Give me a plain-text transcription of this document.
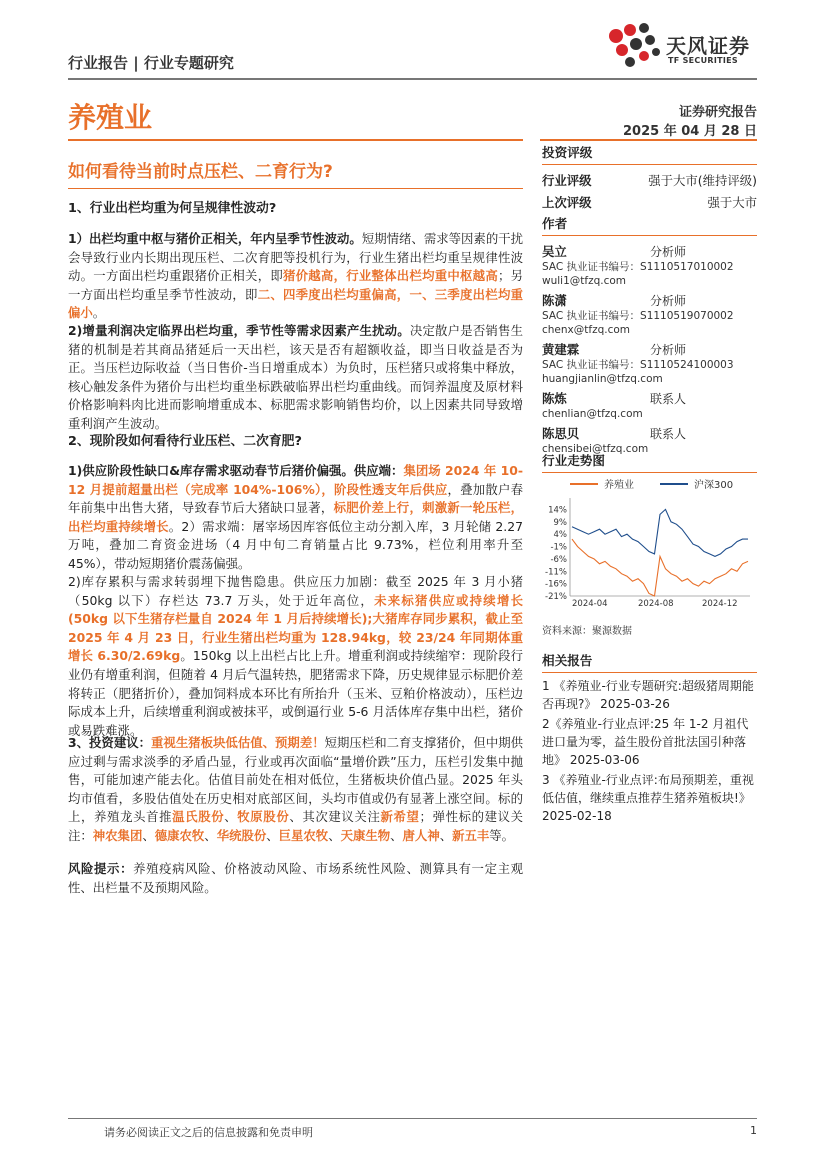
行业报告 | 行业专题研究
天风证券
TF SECURITIES
养殖业	证券研究报告
2025 年 04 月 28 日
如何看待当前时点压栏、二育行为?
1、行业出栏均重为何呈规律性波动?

1）出栏均重中枢与猪价正相关，年内呈季节性波动。短期情绪、需求等因素的干扰会导致行业内长期出现压栏、二次育肥等投机行为，行业生猪出栏均重呈规律性波动。一方面出栏均重跟猪价正相关，即猪价越高，行业整体出栏均重中枢越高；另一方面出栏均重呈季节性波动，即二、四季度出栏均重偏高，一、三季度出栏均重偏小。

2)增量利润决定临界出栏均重，季节性等需求因素产生扰动。决定散户是否销售生猪的机制是若其商品猪延后一天出栏，该天是否有超额收益，即当日收益是否为正。当压栏边际收益（当日售价-当日增重成本）为负时，压栏猪只或将集中释放，核心触发条件为猪价与出栏均重坐标跌破临界出栏均重曲线。而饲养温度及原材料价格影响料肉比进而影响增重成本、标肥需求影响销售均价，以上因素共同导致增重利润产生波动。

2、现阶段如何看待行业压栏、二次育肥?

1)供应阶段性缺口&库存需求驱动春节后猪价偏强。供应端：集团场 2024 年 10-12 月提前超量出栏（完成率 104%-106%），阶段性透支年后供应，叠加散户春年前集中出售大猪，导致春节后大猪缺口显著，标肥价差上行，刺激新一轮压栏，出栏均重持续增长。2）需求端：屠宰场因库容低位主动分割入库，3 月轮储 2.27 万吨，叠加二育资金进场（4 月中旬二育销量占比 9.73%，栏位利用率升至 45%），带动短期猪价震荡偏强。

2)库存累积与需求转弱埋下抛售隐患。供应压力加剧：截至 2025 年 3 月小猪（50kg 以下）存栏达 73.7 万头，处于近年高位，未来标猪供应或持续增长(50kg 以下生猪存栏量自 2024 年 1 月后持续增长);大猪库存同步累积，截止至 2025 年 4 月 23 日，行业生猪出栏均重为 128.94kg，较 23/24 年同期体重增长 6.30/2.69kg。150kg 以上出栏占比上升。增重利润或持续缩窄：现阶段行业仍有增重利润，但随着 4 月后气温转热，肥猪需求下降，历史规律显示标肥价差将转正（肥猪折价），叠加饲料成本环比有所抬升（玉米、豆粕价格波动），压栏边际成本上升，后续增重利润或被抹平，或倒逼行业 5-6 月活体库存集中出栏，猪价或易跌难涨。

3、投资建议：重视生猪板块低估值、预期差！短期压栏和二育支撑猪价，但中期供应过剩与需求淡季的矛盾凸显，行业或再次面临“量增价跌”压力，压栏引发集中抛售，可能加速产能去化。估值目前处在相对低位，生猪板块价值凸显。2025 年头均市值看，多股估值处在历史相对底部区间，头均市值或仍有显著上涨空间。标的上，养殖龙头首推温氏股份、牧原股份、其次建议关注新希望；弹性标的建议关注：神农集团、德康农牧、华统股份、巨星农牧、天康生物、唐人神、新五丰等。

风险提示：养殖疫病风险、价格波动风险、市场系统性风险、测算具有一定主观性、出栏量不及预期风险。

投资评级
行业评级	强于大市(维持评级)
上次评级	强于大市
作者
吴立	分析师
SAC 执业证书编号：S1110517010002
wuli1@tfzq.com
陈潇	分析师
SAC 执业证书编号：S1110519070002
chenx@tfzq.com
黄建霖	分析师
SAC 执业证书编号：S1110524100003
huangjianlin@tfzq.com
陈炼	联系人
chenlian@tfzq.com
陈思贝	联系人
chensibei@tfzq.com
行业走势图
养殖业	沪深300
14%
9%
4%
-1%
-6%
-11%
-16%
-21%
2024-04	2024-08	2024-12
资料来源：聚源数据
相关报告
1 《养殖业-行业专题研究:超级猪周期能否再现?》 2025-03-26
2《养殖业-行业点评:25 年 1-2 月祖代进口量为零，益生股份首批法国引种落地》 2025-03-06
3 《养殖业-行业点评:布局预期差，重视低估值，继续重点推荐生猪养殖板块!》 2025-02-18
请务必阅读正文之后的信息披露和免责申明	1
